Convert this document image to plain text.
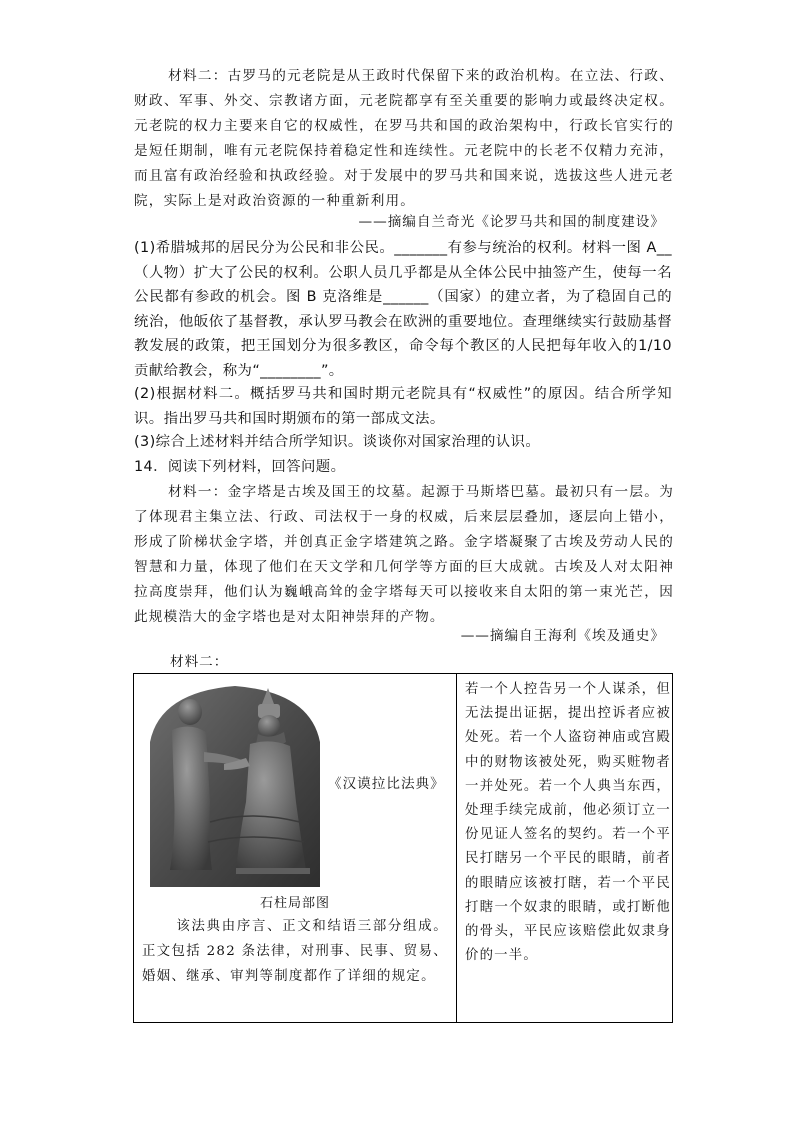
材料二：古罗马的元老院是从王政时代保留下来的政治机构。在立法、行政、财政、军事、外交、宗教诸方面，元老院都享有至关重要的影响力或最终决定权。元老院的权力主要来自它的权威性，在罗马共和国的政治架构中，行政长官实行的是短任期制，唯有元老院保持着稳定性和连续性。元老院中的长老不仅精力充沛，而且富有政治经验和执政经验。对于发展中的罗马共和国来说，选拔这些人进元老院，实际上是对政治资源的一种重新利用。

——摘编自兰奇光《论罗马共和国的制度建设》

(1)希腊城邦的居民分为公民和非公民。_______有参与统治的权利。材料一图 A__（人物）扩大了公民的权利。公职人员几乎都是从全体公民中抽签产生，使每一名公民都有参政的机会。图 B 克洛维是______（国家）的建立者，为了稳固自己的统治，他皈依了基督教，承认罗马教会在欧洲的重要地位。查理继续实行鼓励基督教发展的政策，把王国划分为很多教区，命令每个教区的人民把每年收入的1/10 贡献给教会，称为“________”。

(2)根据材料二。概括罗马共和国时期元老院具有“权威性”的原因。结合所学知识。指出罗马共和国时期颁布的第一部成文法。

(3)综合上述材料并结合所学知识。谈谈你对国家治理的认识。

14．阅读下列材料，回答问题。

材料一：金字塔是古埃及国王的坟墓。起源于马斯塔巴墓。最初只有一层。为了体现君主集立法、行政、司法权于一身的权威，后来层层叠加，逐层向上错小，形成了阶梯状金字塔，并创真正金字塔建筑之路。金字塔凝聚了古埃及劳动人民的智慧和力量，体现了他们在天文学和几何学等方面的巨大成就。古埃及人对太阳神拉高度崇拜，他们认为巍峨高耸的金字塔每天可以接收来自太阳的第一束光芒，因此规模浩大的金字塔也是对太阳神崇拜的产物。

——摘编自王海利《埃及通史》

材料二：
《汉谟拉比法典》
石柱局部图

该法典由序言、正文和结语三部分组成。正文包括 282 条法律，对刑事、民事、贸易、婚姻、继承、审判等制度都作了详细的规定。

若一个人控告另一个人谋杀，但无法提出证据，提出控诉者应被处死。若一个人盗窃神庙或宫殿中的财物该被处死，购买赃物者一并处死。若一个人典当东西，处理手续完成前，他必须订立一份见证人签名的契约。若一个平民打瞎另一个平民的眼睛，前者的眼睛应该被打瞎，若一个平民打瞎一个奴隶的眼睛，或打断他的骨头，平民应该赔偿此奴隶身价的一半。
